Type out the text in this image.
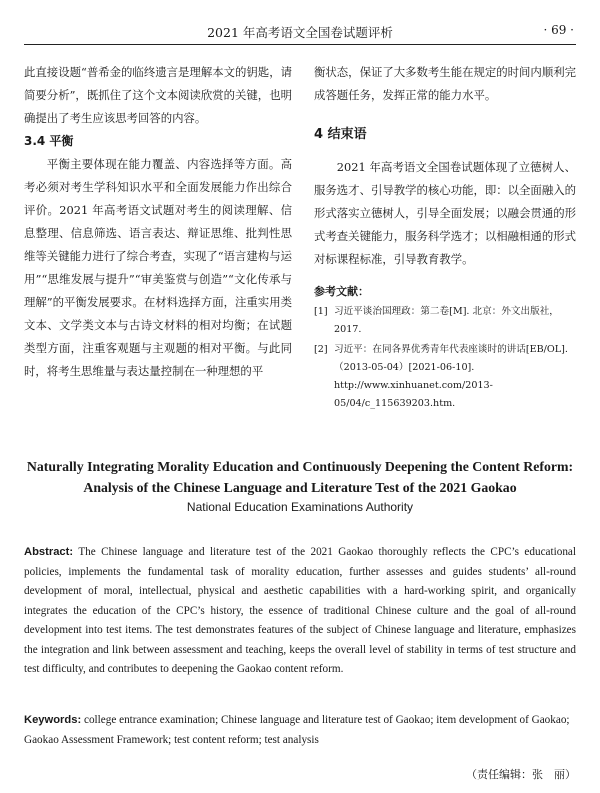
2021 年高考语文全国卷试题评析	· 69 ·

此直接设题“普希金的临终遗言是理解本文的钥匙，请简要分析”，既抓住了这个文本阅读欣赏的关键，也明确提出了考生应该思考回答的内容。

3.4 平衡

平衡主要体现在能力覆盖、内容选择等方面。高考必须对考生学科知识水平和全面发展能力作出综合评价。2021 年高考语文试题对考生的阅读理解、信息整理、信息筛选、语言表达、辩证思维、批判性思维等关键能力进行了综合考查，实现了“语言建构与运用”“思维发展与提升”“审美鉴赏与创造”“文化传承与理解”的平衡发展要求。在材料选择方面，注重实用类文本、文学类文本与古诗文材料的相对均衡；在试题类型方面，注重客观题与主观题的相对平衡。与此同时，将考生思维量与表达量控制在一种理想的平

衡状态，保证了大多数考生能在规定的时间内顺利完成答题任务，发挥正常的能力水平。

4 结束语

2021 年高考语文全国卷试题体现了立德树人、服务选才、引导教学的核心功能，即：以全面融入的形式落实立德树人，引导全面发展；以融会贯通的形式考查关键能力，服务科学选才；以相融相通的形式对标课程标准，引导教育教学。

参考文献：
[1] 习近平谈治国理政：第二卷[M]. 北京：外文出版社，2017.
[2] 习近平：在同各界优秀青年代表座谈时的讲话[EB/OL]. （2013-05-04）[2021-06-10]. http://www.xinhuanet.com/2013-05/04/c_115639203.htm.
Naturally Integrating Morality Education and Continuously Deepening the Content Reform: Analysis of the Chinese Language and Literature Test of the 2021 Gaokao
National Education Examinations Authority

Abstract: The Chinese language and literature test of the 2021 Gaokao thoroughly reflects the CPC’s educational policies, implements the fundamental task of morality education, further assesses and guides students’ all-round development of moral, intellectual, physical and aesthetic capabilities with a hard-working spirit, and organically integrates the education of the CPC’s history, the essence of traditional Chinese culture and the goal of all-round development into test items. The test demonstrates features of the subject of Chinese language and literature, emphasizes the integration and link between assessment and teaching, keeps the overall level of stability in terms of test structure and test difficulty, and contributes to deepening the Gaokao content reform.

Keywords: college entrance examination; Chinese language and literature test of Gaokao; item development of Gaokao; Gaokao Assessment Framework; test content reform; test analysis

（责任编辑：张　丽）
